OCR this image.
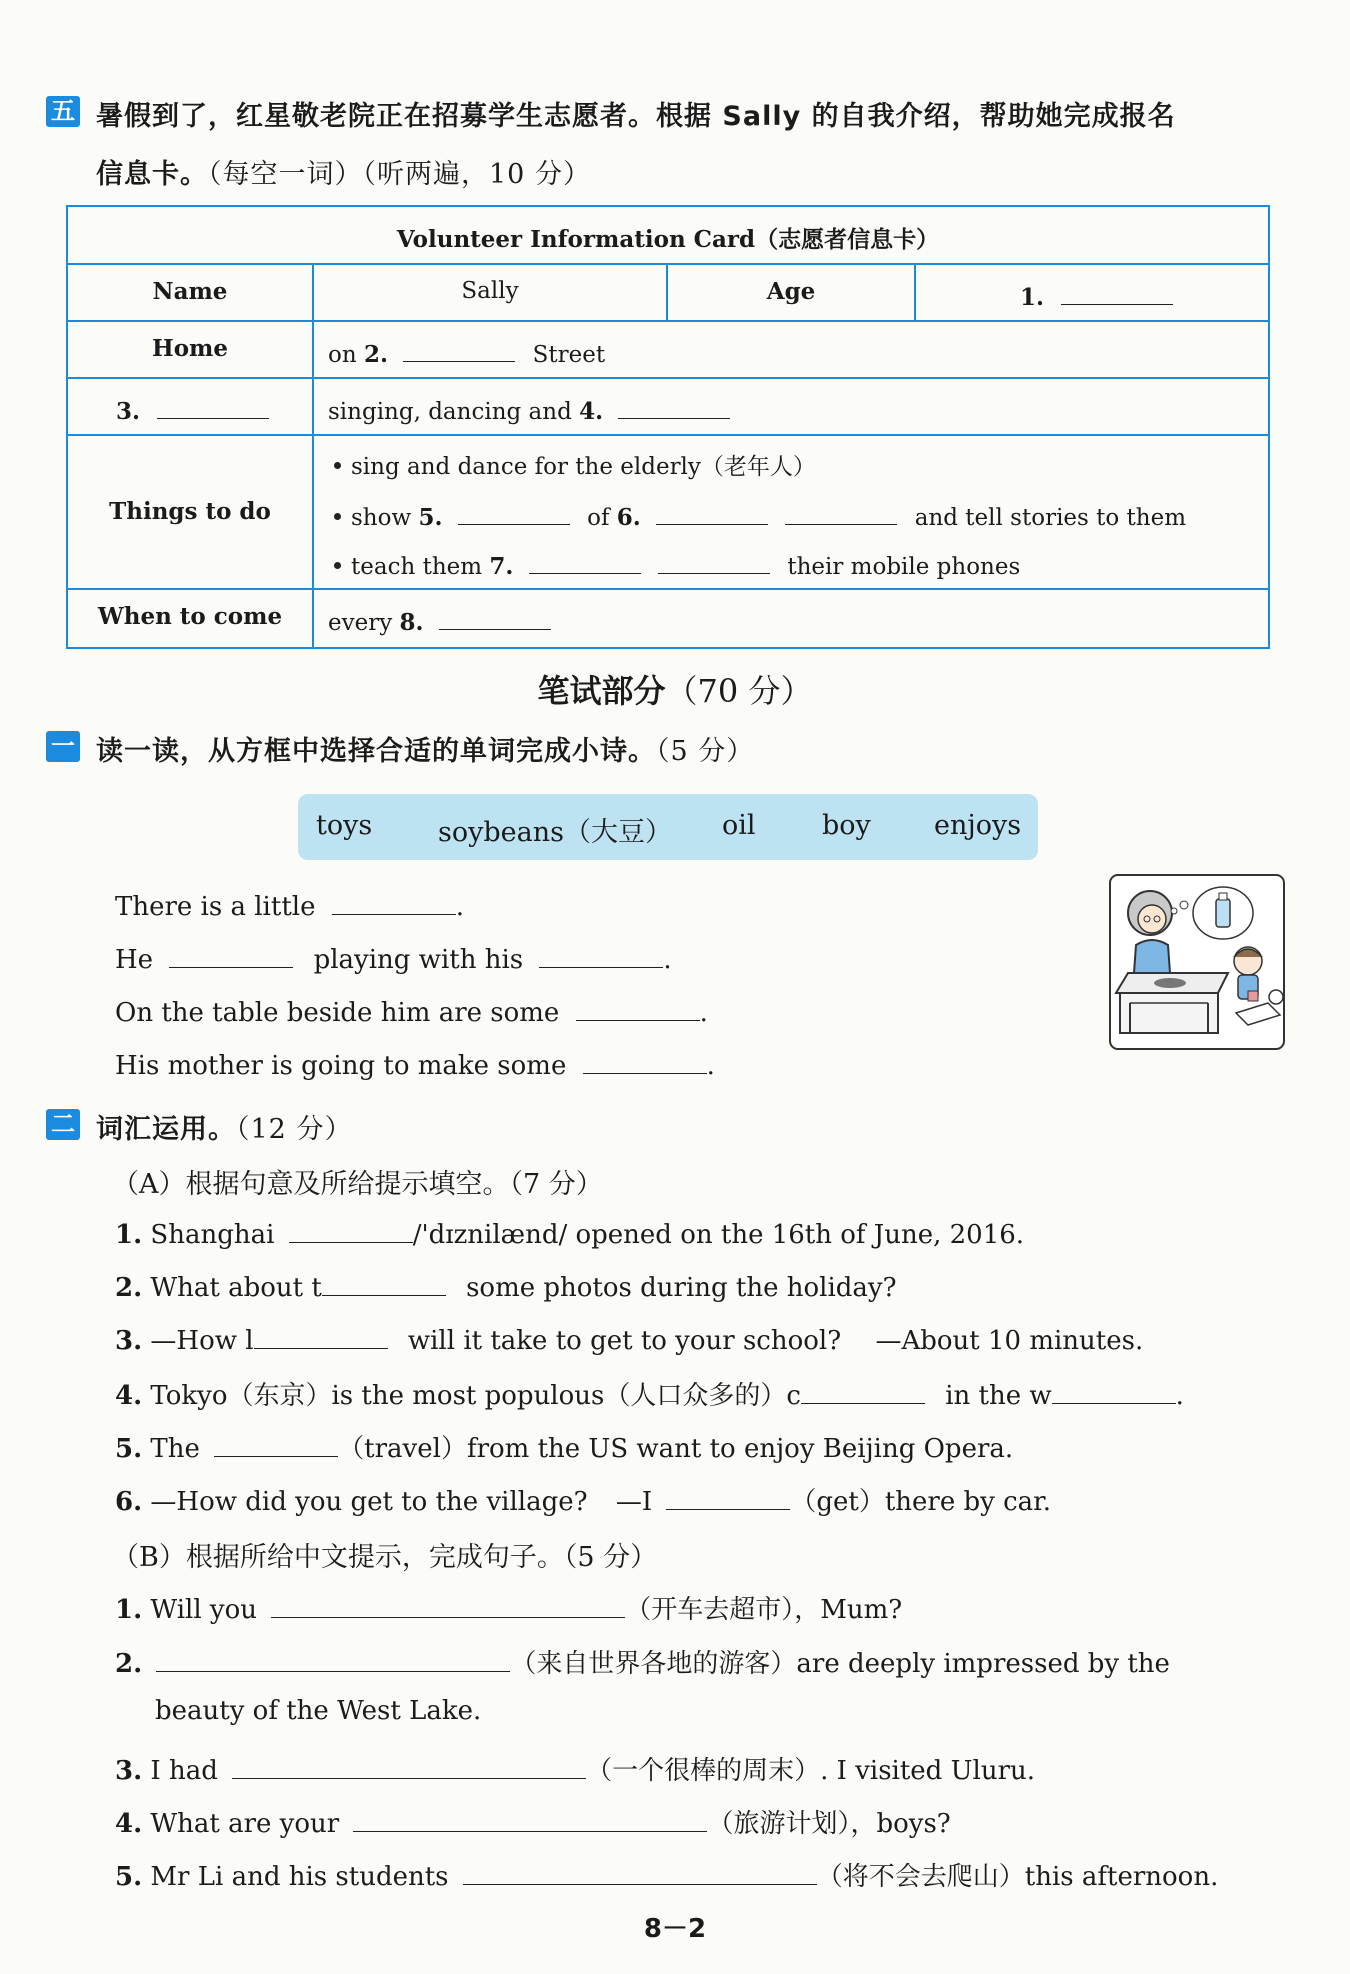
五 暑假到了，红星敬老院正在招募学生志愿者。根据 Sally 的自我介绍，帮助她完成报名
信息卡。（每空一词）（听两遍，10 分）
Volunteer Information Card（志愿者信息卡）
Name	Sally	Age	1.
Home	on 2.	Street
3.	singing, dancing and 4.
Things to do
sing and dance for the elderly（老年人）
show 5.	of 6.	and tell stories to them
teach them 7.	their mobile phones
When to come	every 8.
笔试部分（70 分）
一 读一读，从方框中选择合适的单词完成小诗。（5 分）
toys soybeans（大豆） oil boy enjoys
There is a little	.
He	playing with his	.
On the table beside him are some	.
His mother is going to make some	.
二 词汇运用。（12 分）
（A）根据句意及所给提示填空。（7 分）
1. Shanghai	/'dɪznilænd/ opened on the 16th of June, 2016.
2. What about t	some photos during the holiday?
3. —How l	will it take to get to your school? —About 10 minutes.
4. Tokyo（东京）is the most populous（人口众多的）c	in the w	.
5. The	（travel）from the US want to enjoy Beijing Opera.
6. —How did you get to the village? —I	（get）there by car.
（B）根据所给中文提示，完成句子。（5 分）
1. Will you	（开车去超市），Mum?
2.	（来自世界各地的游客）are deeply impressed by the
beauty of the West Lake.
3. I had	（一个很棒的周末）. I visited Uluru.
4. What are your	（旅游计划），boys?
5. Mr Li and his students	（将不会去爬山）this afternoon.
8－2
